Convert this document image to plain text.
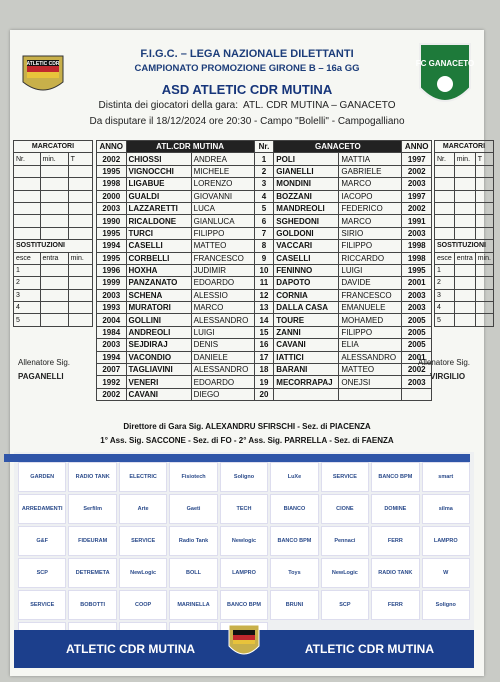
ATLETIC CDR	FC GANACETO
F.I.G.C. – LEGA NAZIONALE DILETTANTI
CAMPIONATO PROMOZIONE GIRONE B – 16a GG
ASD ATLETIC CDR MUTINA
Distinta dei giocatori della gara: ATL. CDR MUTINA – GANACETO
Da disputare il 18/12/2024 ore 20:30 - Campo "Bolelli" - Campogalliano
MARCATORI		
Nr.	min.	T

SOSTITUZIONI		
esce	entra	min.
1		
2		
3		
4		
5		
ANNO	ATL.CDR MUTINA		Nr.	GANACETO		ANNO
2002	CHIOSSI	ANDREA	1	POLI	MATTIA	1997
1995	VIGNOCCHI	MICHELE	2	GIANELLI	GABRIELE	2002
1998	LIGABUE	LORENZO	3	MONDINI	MARCO	2003
2000	GUALDI	GIOVANNI	4	BOZZANI	IACOPO	1997
2003	LAZZARETTI	LUCA	5	MANDREOLI	FEDERICO	2002
1990	RICALDONE	GIANLUCA	6	SGHEDONI	MARCO	1991
1995	TURCI	FILIPPO	7	GOLDONI	SIRIO	2003
1994	CASELLI	MATTEO	8	VACCARI	FILIPPO	1998
1995	CORBELLI	FRANCESCO	9	CASELLI	RICCARDO	1998
1996	HOXHA	JUDIMIR	10	FENINNO	LUIGI	1995
1999	PANZANATO	EDOARDO	11	DAPOTO	DAVIDE	2001
2003	SCHENA	ALESSIO	12	CORNIA	FRANCESCO	2003
1993	MURATORI	MARCO	13	DALLA CASA	EMANUELE	2003
2004	GOLLINI	ALESSANDRO	14	TOURE	MOHAMED	2005
1984	ANDREOLI	LUIGI	15	ZANNI	FILIPPO	2005
2003	SEJDIRAJ	DENIS	16	CAVANI	ELIA	2005
1994	VACONDIO	DANIELE	17	IATTICI	ALESSANDRO	2001
2007	TAGLIAVINI	ALESSANDRO	18	BARANI	MATTEO	2002
1992	VENERI	EDOARDO	19	MECORRAPAJ	ONEJSI	2003
2002	CAVANI	DIEGO	20			
MARCATORI		
Nr.	min.	T

SOSTITUZIONI		
esce	entra	min.
1		
2		
3		
4		
5		
Allenatore Sig.
PAGANELLI
Allenatore Sig.
VIRGILIO
Direttore di Gara Sig. ALEXANDRU SFIRSCHI - Sez. di PIACENZA
1° Ass. Sig. SACCONE - Sez. di FO - 2° Ass. Sig. PARRELLA - Sez. di FAENZA
GARDEN	RADIO TANK	ELECTRIC	Fisiotech	Soligno	LuXe	SERVICE	BANCO BPM	smart
ARREDAMENTI	Serfilm	Arte	Gaeti	TECH	BIANCO	CIONE	DOMINE	silma
G&F	FIDEURAM	SERVICE	Radio Tank	Newlogic	BANCO BPM	Pennaci	FERR	LAMPRO
SCP	DETREMETA	NewLogic	BOLL	LAMPRO	Toys	NewLogic	RADIO TANK	W
SERVICE	BOBOTTI	COOP	MARINELLA	BANCO BPM	BRUNI	SCP	FERR	Soligno
ATLETIC CDR MUTINA	ATLETIC CDR MUTINA
